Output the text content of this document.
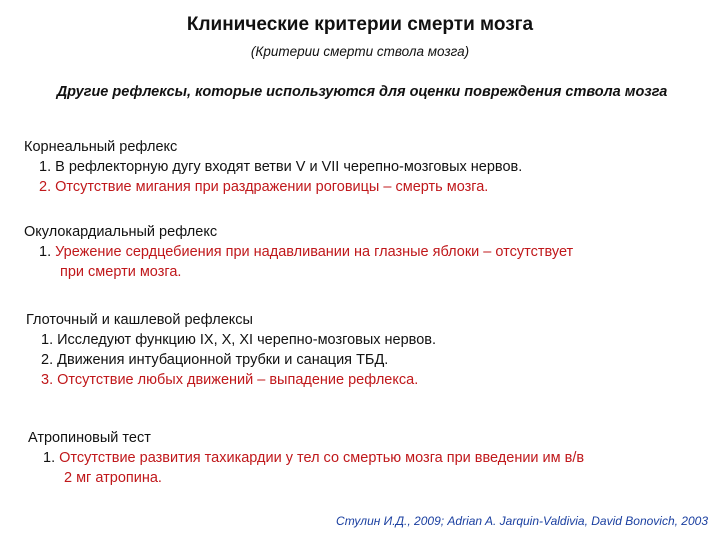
Клинические критерии смерти мозга
(Критерии смерти ствола мозга)
Другие рефлексы, которые используются для оценки повреждения ствола мозга
Корнеальный рефлекс
1. В рефлекторную дугу входят ветви V и VII черепно-мозговых нервов.
2. Отсутствие мигания при раздражении роговицы – смерть мозга.
Окулокардиальный рефлекс
1. Урежение сердцебиения при надавливании на глазные яблоки – отсутствует
при смерти мозга.
Глоточный и кашлевой рефлексы
1. Исследуют функцию IX, X, XI черепно-мозговых нервов.
2. Движения интубационной трубки и санация ТБД.
3. Отсутствие любых движений – выпадение рефлекса.
Атропиновый тест
1. Отсутствие развития тахикардии у тел со смертью мозга при введении им в/в
2 мг атропина.
Стулин И.Д., 2009; Adrian A. Jarquin-Valdivia, David Bonovich, 2003
